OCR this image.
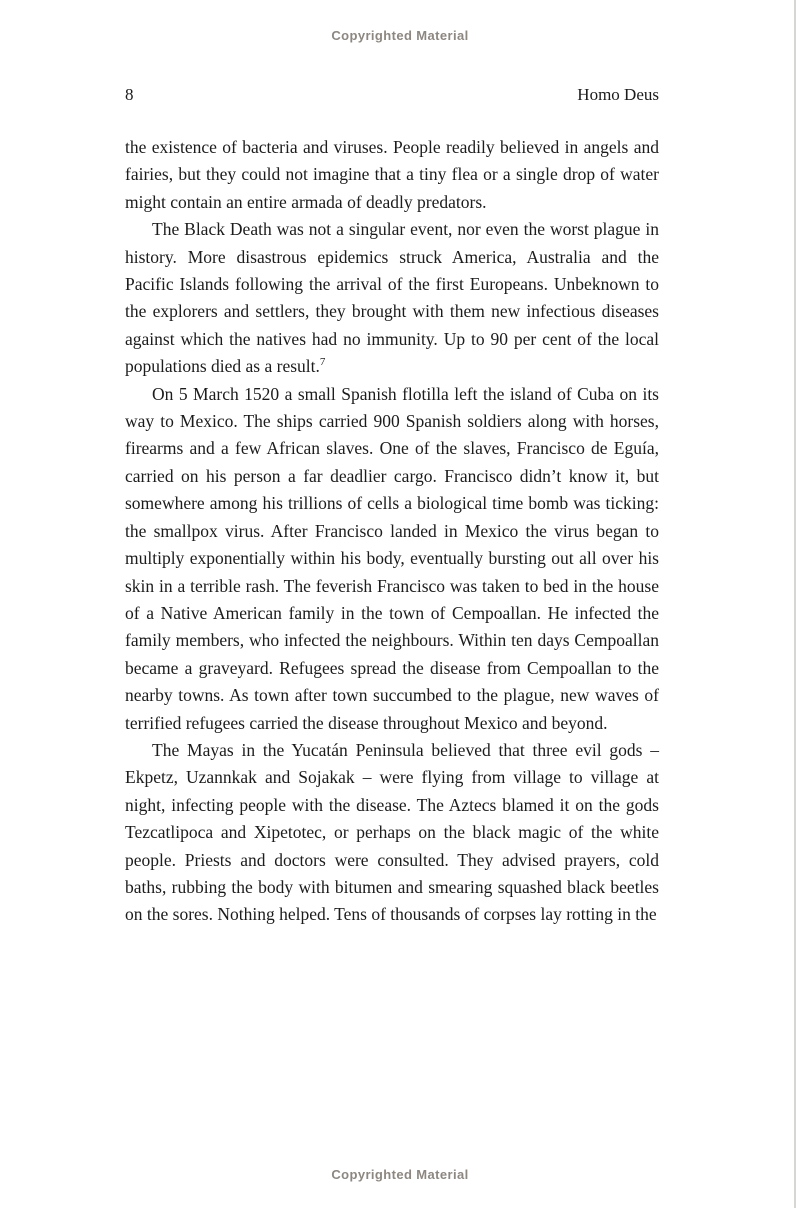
Copyrighted Material
8	Homo Deus

the existence of bacteria and viruses. People readily believed in angels and fairies, but they could not imagine that a tiny flea or a single drop of water might contain an entire armada of deadly predators.

The Black Death was not a singular event, nor even the worst plague in history. More disastrous epidemics struck America, Australia and the Pacific Islands following the arrival of the first Europeans. Unbeknown to the explorers and settlers, they brought with them new infectious diseases against which the natives had no immunity. Up to 90 per cent of the local populations died as a result.$^7$

On 5 March 1520 a small Spanish flotilla left the island of Cuba on its way to Mexico. The ships carried 900 Spanish soldiers along with horses, firearms and a few African slaves. One of the slaves, Francisco de Eguía, carried on his person a far deadlier cargo. Francisco didn’t know it, but somewhere among his trillions of cells a biological time bomb was ticking: the smallpox virus. After Francisco landed in Mexico the virus began to multiply exponentially within his body, eventually bursting out all over his skin in a terrible rash. The feverish Francisco was taken to bed in the house of a Native American family in the town of Cempoallan. He infected the family members, who infected the neighbours. Within ten days Cempoallan became a graveyard. Refugees spread the disease from Cempoallan to the nearby towns. As town after town succumbed to the plague, new waves of terrified refugees carried the disease throughout Mexico and beyond.

The Mayas in the Yucatán Peninsula believed that three evil gods – Ekpetz, Uzannkak and Sojakak – were flying from village to village at night, infecting people with the disease. The Aztecs blamed it on the gods Tezcatlipoca and Xipetotec, or perhaps on the black magic of the white people. Priests and doctors were consulted. They advised prayers, cold baths, rubbing the body with bitumen and smearing squashed black beetles on the sores. Nothing helped. Tens of thousands of corpses lay rotting in the

Copyrighted Material
